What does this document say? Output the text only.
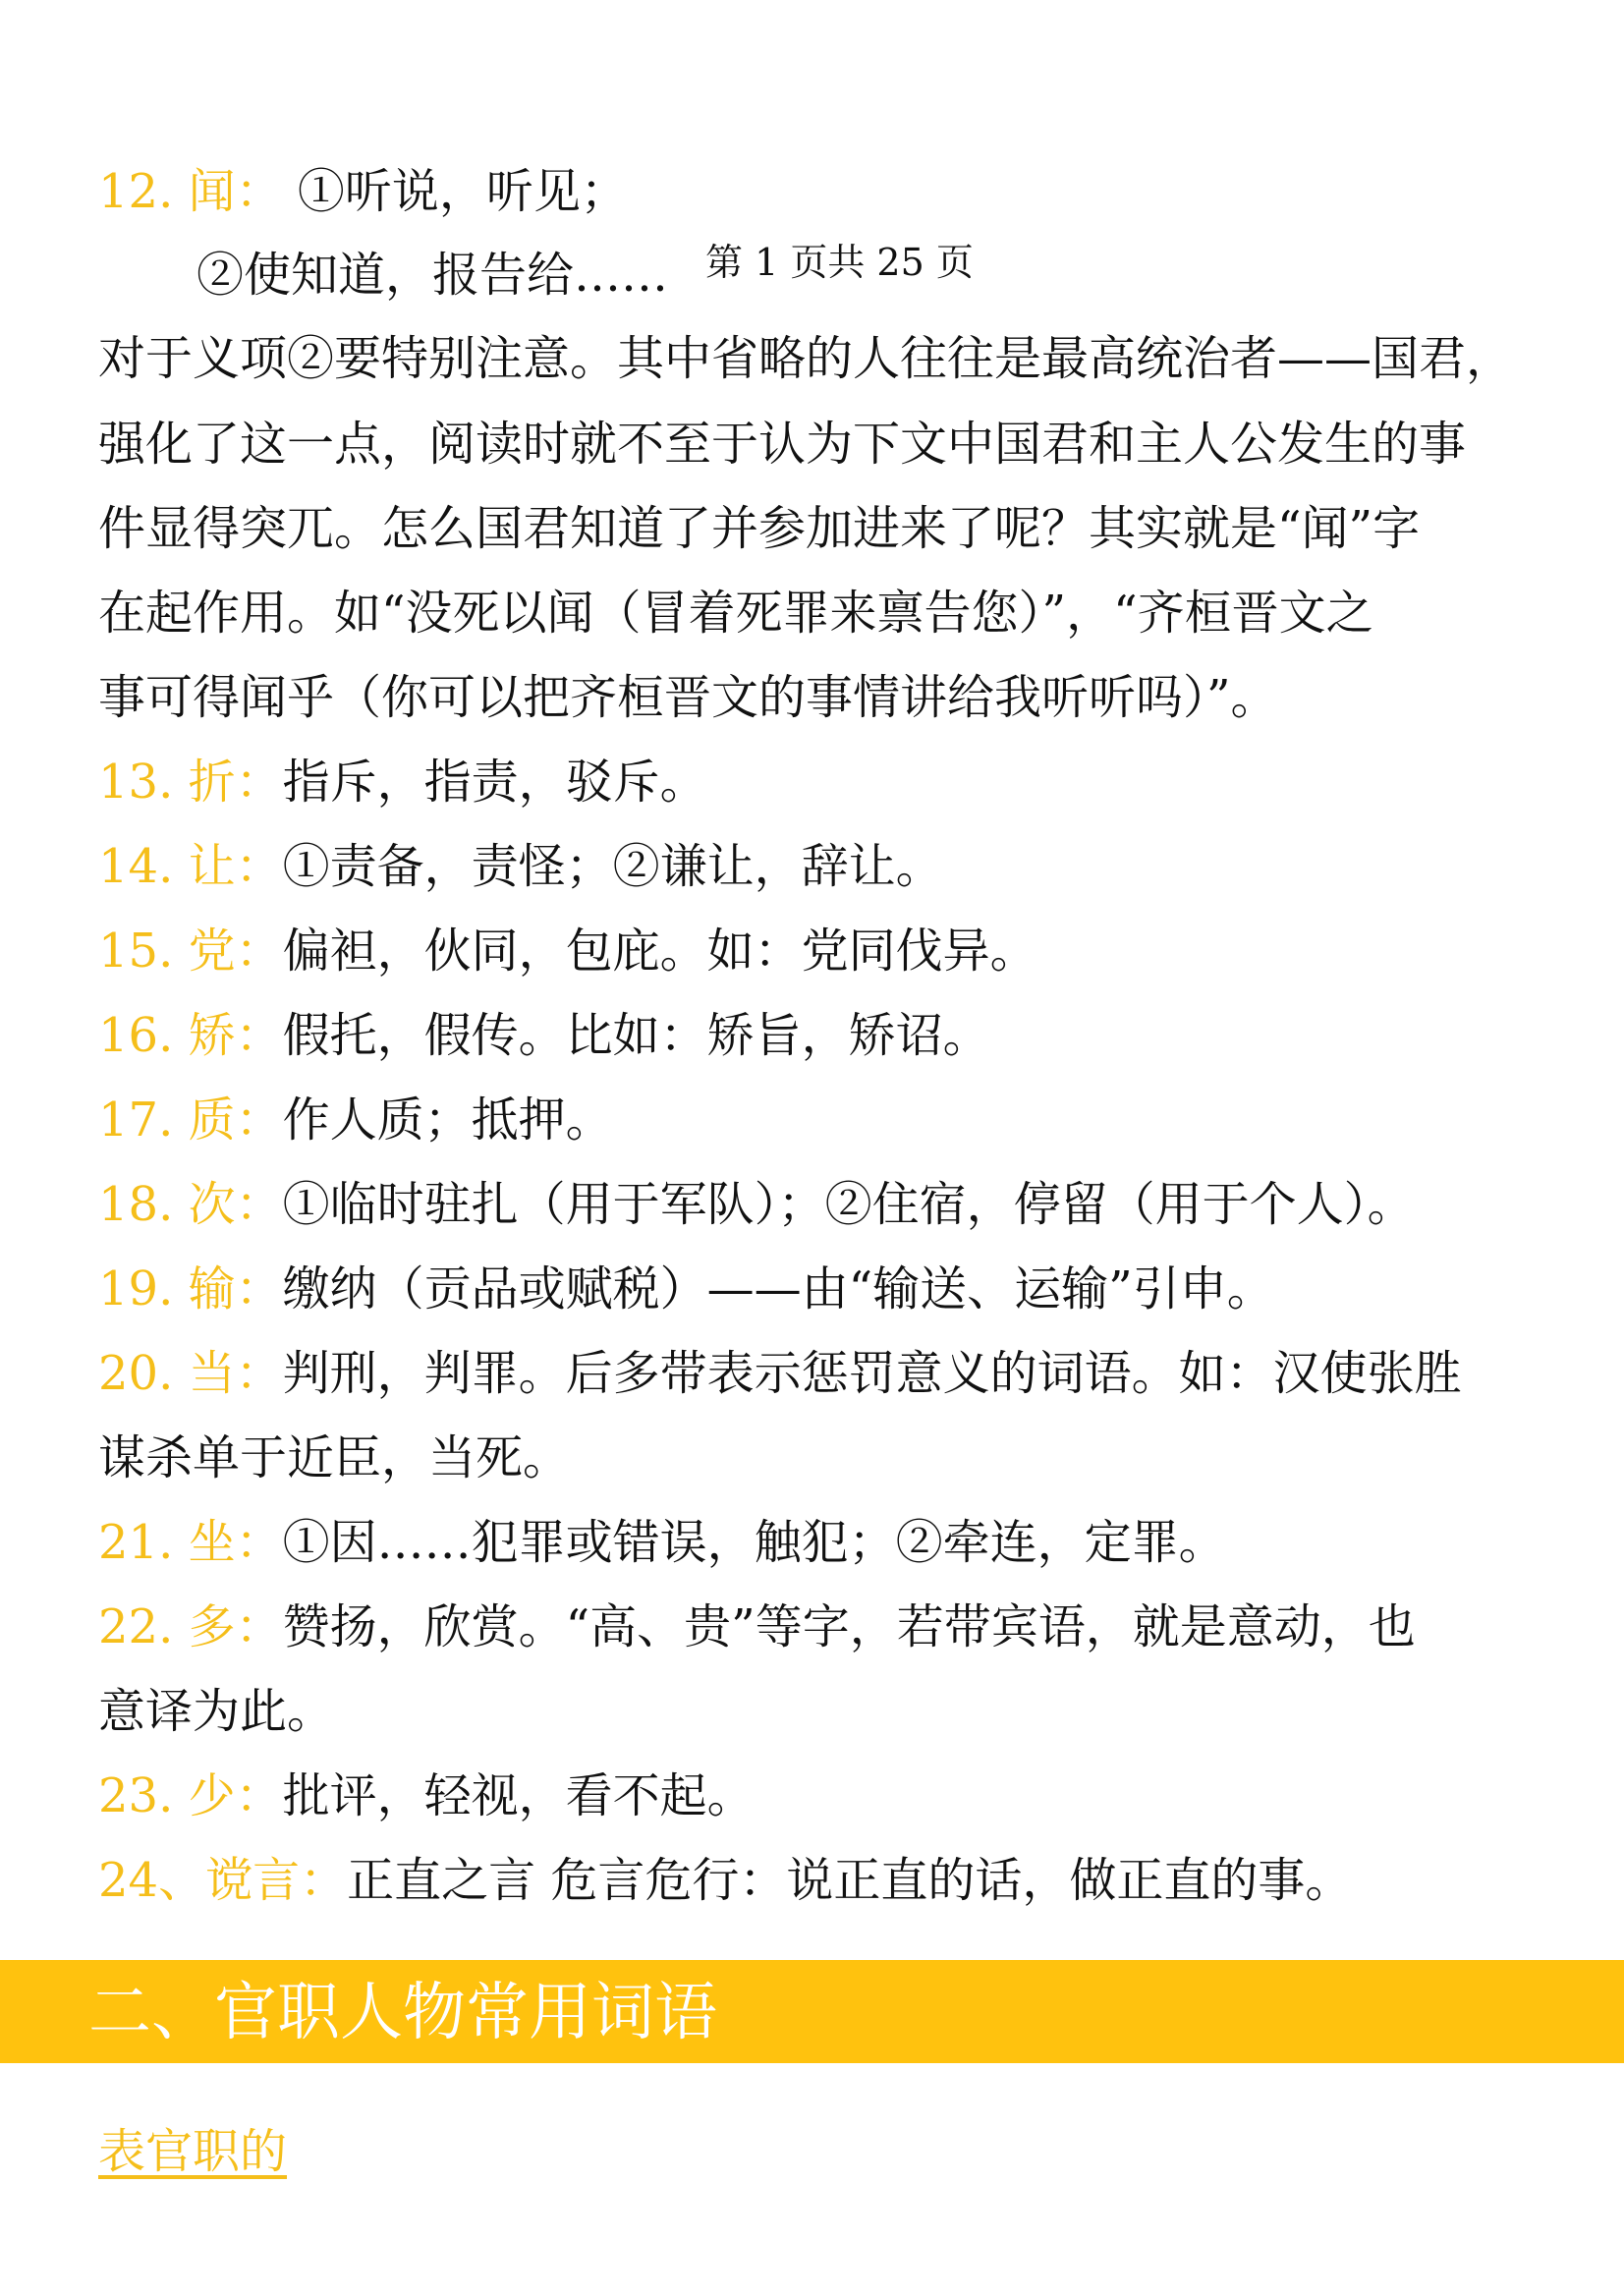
12. 闻： ①听说，听见；
②使知道，报告给…… 第 1 页共 25 页
对于义项②要特别注意。其中省略的人往往是最高统治者——国君，
强化了这一点，阅读时就不至于认为下文中国君和主人公发生的事
件显得突兀。怎么国君知道了并参加进来了呢？其实就是“闻”字
在起作用。如“没死以闻（冒着死罪来禀告您）”，“齐桓晋文之
事可得闻乎（你可以把齐桓晋文的事情讲给我听听吗）”。
13. 折：指斥，指责，驳斥。
14. 让：①责备，责怪；②谦让，辞让。
15. 党：偏袒，伙同，包庇。如：党同伐异。
16. 矫：假托，假传。比如：矫旨，矫诏。
17. 质：作人质；抵押。
18. 次：①临时驻扎（用于军队）；②住宿，停留（用于个人）。
19. 输：缴纳（贡品或赋税）——由“输送、运输”引申。
20. 当：判刑，判罪。后多带表示惩罚意义的词语。如：汉使张胜
谋杀单于近臣，当死。
21. 坐：①因……犯罪或错误，触犯；②牵连，定罪。
22. 多：赞扬，欣赏。“高、贵”等字，若带宾语，就是意动，也
意译为此。
23. 少：批评，轻视，看不起。
24、谠言：正直之言 危言危行：说正直的话，做正直的事。
二、官职人物常用词语
表官职的
